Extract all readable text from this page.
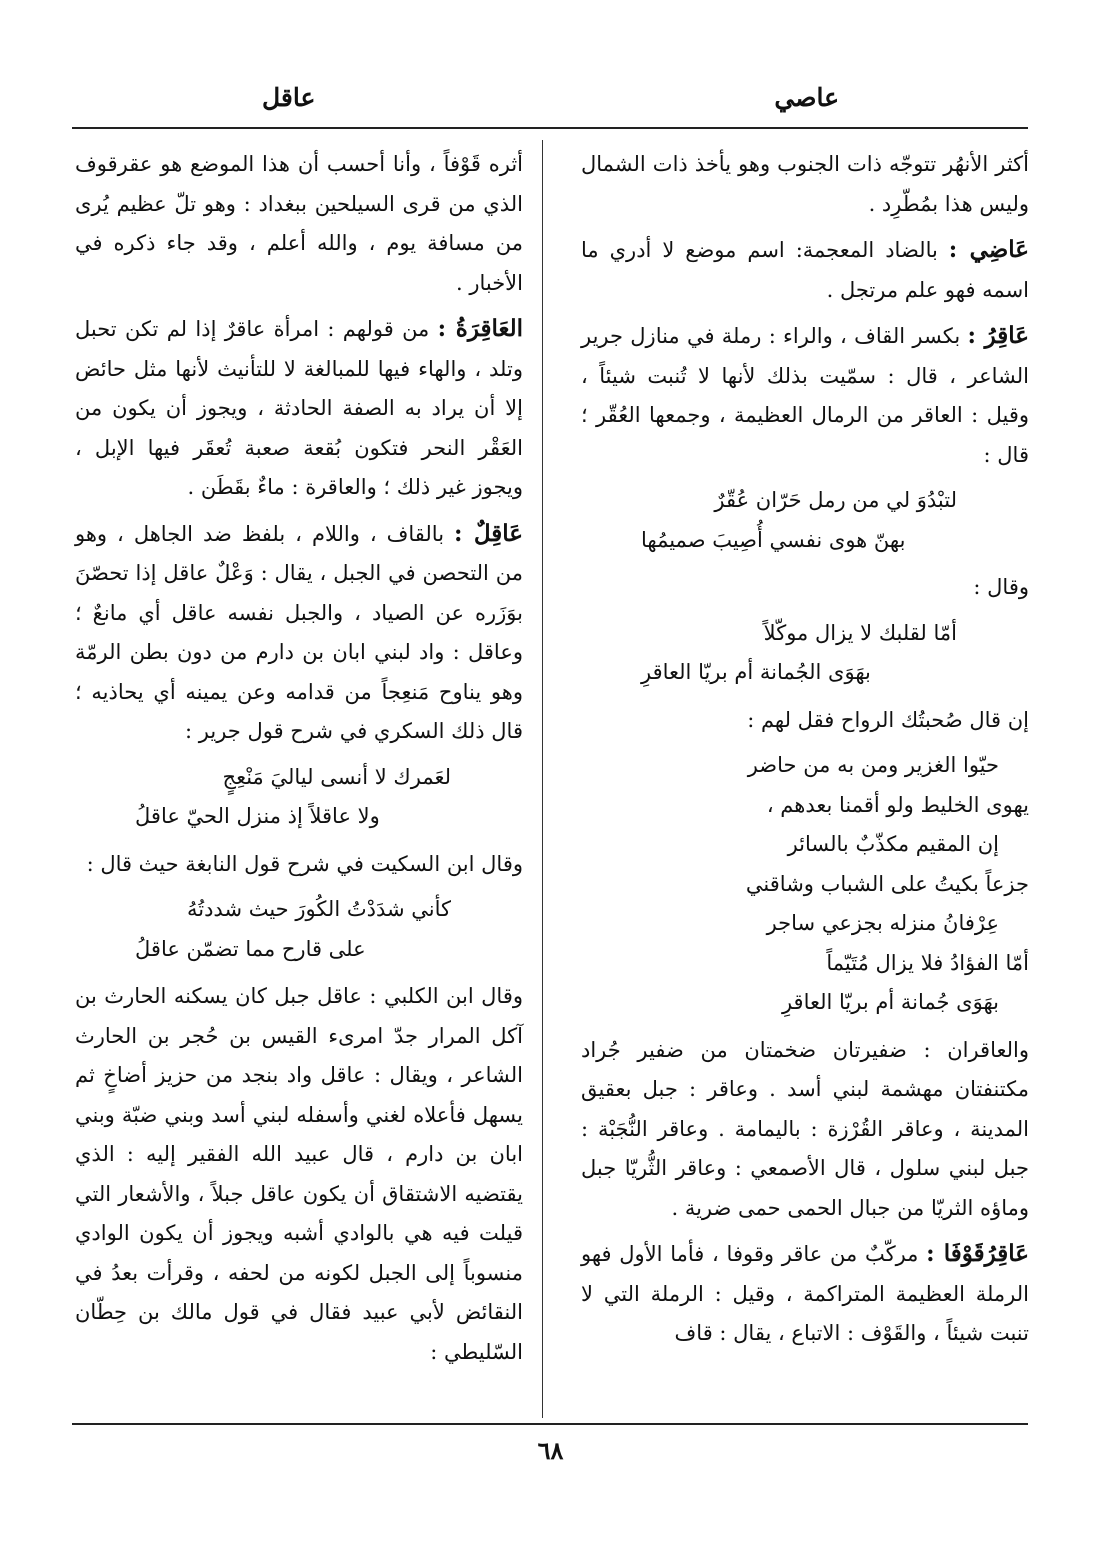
عاصي
عاقل

أكثر الأنهُر تتوجّه ذات الجنوب وهو يأخذ ذات الشمال وليس هذا بمُطّرِد .

عَاضِي : بالضاد المعجمة: اسم موضع لا أدري ما اسمه فهو علم مرتجل .

عَاقِرُ : بكسر القاف ، والراء : رملة في منازل جرير الشاعر ، قال : سمّيت بذلك لأنها لا تُنبت شيئاً ، وقيل : العاقر من الرمال العظيمة ، وجمعها العُقّر ؛ قال :

لتبْدُوَ لي من رمل حَرّان عُقّرٌ
بهنّ هوى نفسي أُصِيبَ صميمُها

وقال :

أمّا لقلبك لا يزال موكّلاً
بهَوَى الجُمانة أم بريّا العاقرِ

إن قال صُحبتُك الرواح فقل لهم :

حيّوا الغزير ومن به من حاضر
يهوى الخليط ولو أقمنا بعدهم ،
إن المقيم مكذّبٌ بالسائر
جزعاً بكيتُ على الشباب وشاقني
عِرْفانُ منزله بجزعي ساجر
أمّا الفؤادُ فلا يزال مُتَيّماً
بهَوَى جُمانة أم بريّا العاقرِ

والعاقران : ضفيرتان ضخمتان من ضفير جُراد مكتنفتان مهشمة لبني أسد . وعاقر : جبل بعقيق المدينة ، وعاقر القُرْزة : باليمامة . وعاقر النُّجَبْة : جبل لبني سلول ، قال الأصمعي : وعاقر الثُّريّا جبل وماؤه الثريّا من جبال الحمى حمى ضرية .

عَاقِرُقَوْفَا : مركّبٌ من عاقر وقوفا ، فأما الأول فهو الرملة العظيمة المتراكمة ، وقيل : الرملة التي لا تنبت شيئاً ، والقَوْف : الاتباع ، يقال : قاف

أثره قَوْفاً ، وأنا أحسب أن هذا الموضع هو عقرقوف الذي من قرى السيلحين ببغداد : وهو تلّ عظيم يُرى من مسافة يوم ، والله أعلم ، وقد جاء ذكره في الأخبار .

العَاقِرَةُ : من قولهم : امرأة عاقرٌ إذا لم تكن تحبل وتلد ، والهاء فيها للمبالغة لا للتأنيث لأنها مثل حائض إلا أن يراد به الصفة الحادثة ، ويجوز أن يكون من العَقْر النحر فتكون بُقعة صعبة تُعقَر فيها الإبل ، ويجوز غير ذلك ؛ والعاقرة : ماءٌ بقَطَن .

عَاقِلٌ : بالقاف ، واللام ، بلفظ ضد الجاهل ، وهو من التحصن في الجبل ، يقال : وَعْلٌ عاقل إذا تحصّنَ بوَزَره عن الصياد ، والجبل نفسه عاقل أي مانعٌ ؛ وعاقل : واد لبني ابان بن دارم من دون بطن الرمّة وهو يناوح مَنعِجاً من قدامه وعن يمينه أي يحاذيه ؛ قال ذلك السكري في شرح قول جرير :

لعَمرك لا أنسى لياليَ مَنْعِجٍ
ولا عاقلاً إذ منزل الحيّ عاقلُ

وقال ابن السكيت في شرح قول النابغة حيث قال :

كأني شدَدْتُ الكُورَ حيث شددتُهُ
على قارح مما تضمّن عاقلُ

وقال ابن الكلبي : عاقل جبل كان يسكنه الحارث بن آكل المرار جدّ امرىء القيس بن حُجر بن الحارث الشاعر ، ويقال : عاقل واد بنجد من حزيز أضاخٍ ثم يسهل فأعلاه لغني وأسفله لبني أسد وبني ضبّة وبني ابان بن دارم ، قال عبيد الله الفقير إليه : الذي يقتضيه الاشتقاق أن يكون عاقل جبلاً ، والأشعار التي قيلت فيه هي بالوادي أشبه ويجوز أن يكون الوادي منسوباً إلى الجبل لكونه من لحفه ، وقرأت بعدُ في النقائض لأبي عبيد فقال في قول مالك بن حِطّان السّليطي :

٦٨
